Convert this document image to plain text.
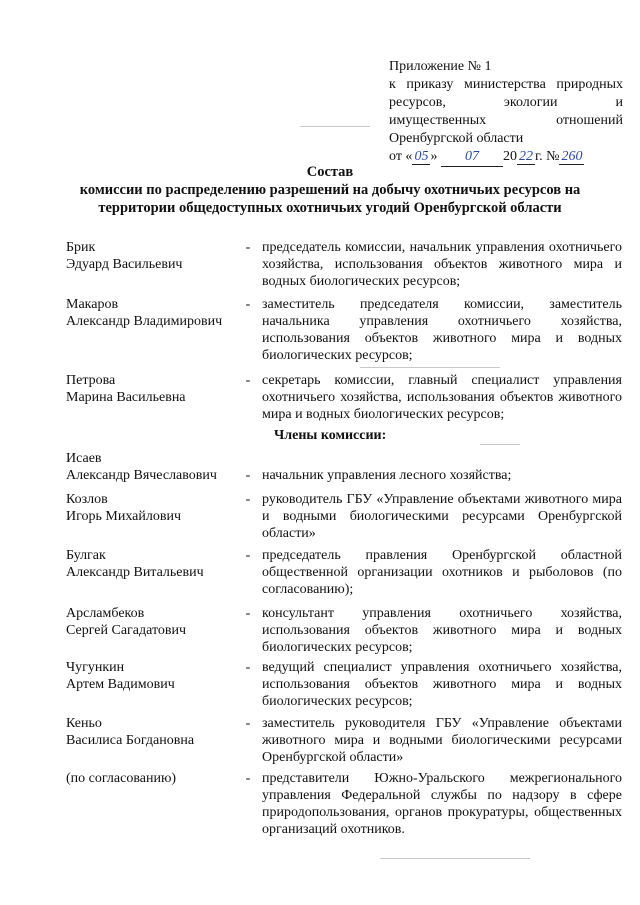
Приложение № 1
к приказу министерства природных
ресурсов,	экологии	и
имущественных	отношений
Оренбургской области
от « 05 » 07 20 22 г. № 260
Состав
комиссии по распределению разрешений на добычу охотничьих ресурсов на
территории общедоступных охотничьих угодий Оренбургской области
Брик
Эдуард Васильевич
- председатель комиссии, начальник управления охотничьего хозяйства, использования объектов животного мира и водных биологических ресурсов;
Макаров
Александр Владимирович
- заместитель председателя комиссии, заместитель начальника управления охотничьего хозяйства, использования объектов животного мира и водных биологических ресурсов;
Петрова
Марина Васильевна
- секретарь комиссии, главный специалист управления охотничьего хозяйства, использования объектов животного мира и водных биологических ресурсов;
Члены комиссии:
Исаев
Александр Вячеславович	- начальник управления лесного хозяйства;
Козлов
Игорь Михайлович
- руководитель ГБУ «Управление объектами животного мира и водными биологическими ресурсами Оренбургской области»
Булгак
Александр Витальевич
- председатель правления Оренбургской областной общественной организации охотников и рыболовов (по согласованию);
Арсламбеков
Сергей Сагадатович
- консультант управления охотничьего хозяйства, использования объектов животного мира и водных биологических ресурсов;
Чугункин
Артем Вадимович
- ведущий специалист управления охотничьего хозяйства, использования объектов животного мира и водных биологических ресурсов;
Кеньо
Василиса Богдановна
- заместитель руководителя ГБУ «Управление объектами животного мира и водными биологическими ресурсами Оренбургской области»
(по согласованию)	- представители Южно-Уральского межрегионального управления Федеральной службы по надзору в сфере природопользования, органов прокуратуры, общественных организаций охотников.
